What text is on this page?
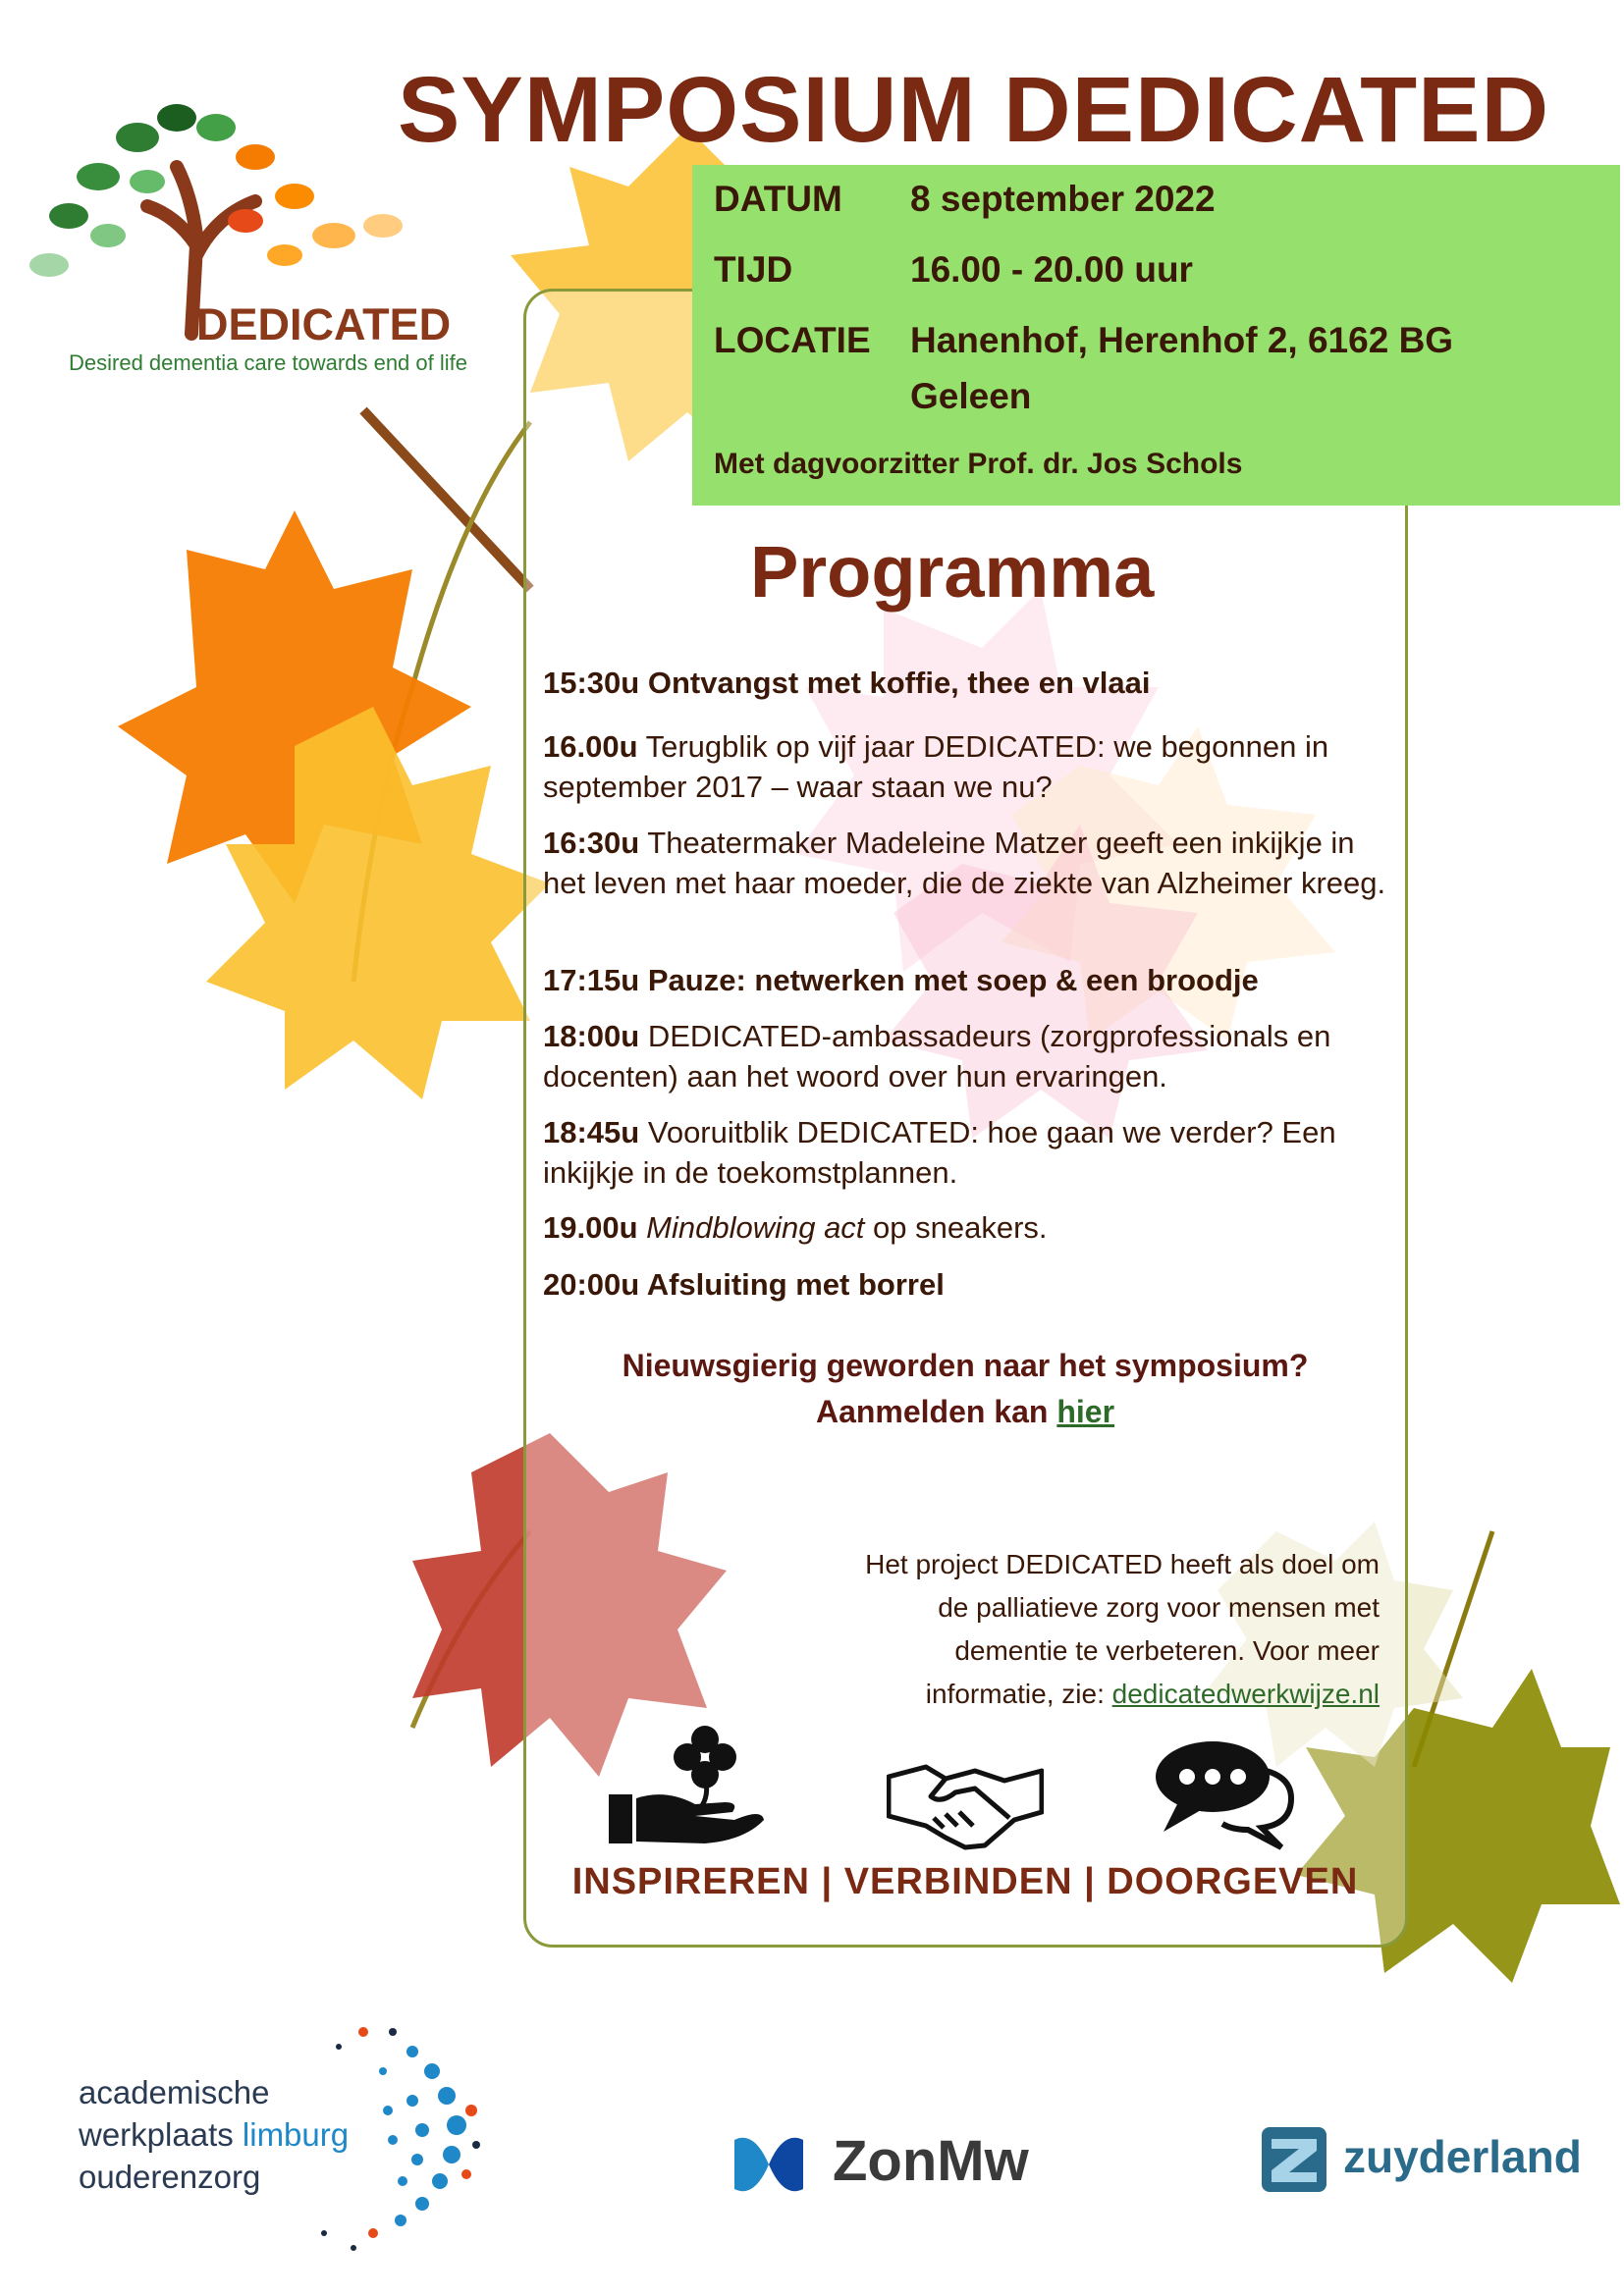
DEDICATED
Desired dementia care towards end of life
SYMPOSIUM DEDICATED
DATUM 8 september 2022
TIJD	16.00 - 20.00 uur
LOCATIE Hanenhof, Herenhof 2, 6162 BG
Geleen
Met dagvoorzitter Prof. dr. Jos Schols
Programma
15:30u Ontvangst met koffie, thee en vlaai
16.00u Terugblik op vijf jaar DEDICATED: we begonnen in september 2017 – waar staan we nu?
16:30u Theatermaker Madeleine Matzer geeft een inkijkje in het leven met haar moeder, die de ziekte van Alzheimer kreeg.
17:15u Pauze: netwerken met soep & een broodje
18:00u DEDICATED-ambassadeurs (zorgprofessionals en docenten) aan het woord over hun ervaringen.
18:45u Vooruitblik DEDICATED: hoe gaan we verder? Een inkijkje in de toekomstplannen.
19.00u Mindblowing act op sneakers.
20:00u Afsluiting met borrel
Nieuwsgierig geworden naar het symposium?
Aanmelden kan hier
Het project DEDICATED heeft als doel om
de palliatieve zorg voor mensen met
dementie te verbeteren. Voor meer
informatie, zie: dedicatedwerkwijze.nl
INSPIREREN | VERBINDEN | DOORGEVEN
academische
werkplaats limburg
ouderenzorg	ZonMw	zuyderland
